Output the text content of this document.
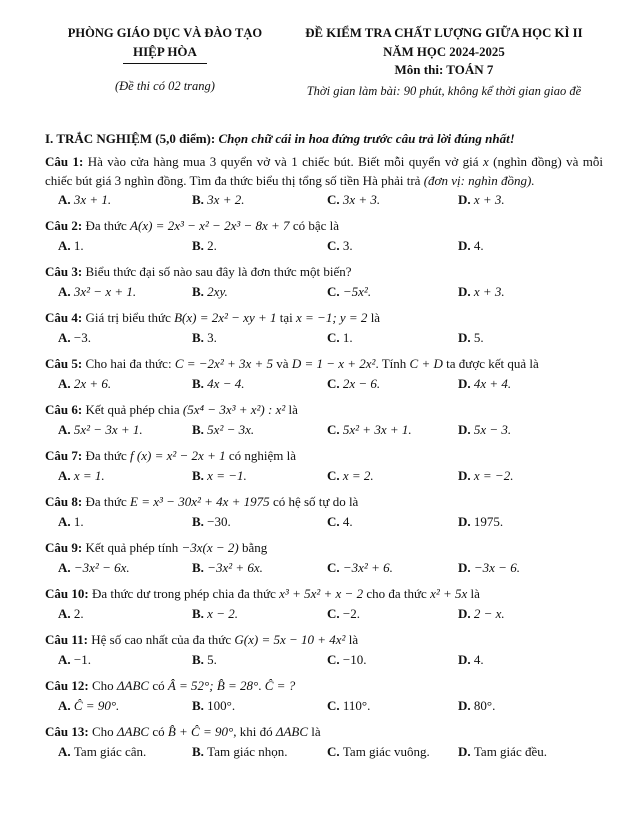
PHÒNG GIÁO DỤC VÀ ĐÀO TẠO
HIỆP HÒA
(Đề thi có 02 trang)
ĐỀ KIỂM TRA CHẤT LƯỢNG GIỮA HỌC KÌ II
NĂM HỌC 2024-2025
Môn thi: TOÁN 7
Thời gian làm bài: 90 phút, không kể thời gian giao đề
I. TRẮC NGHIỆM (5,0 điểm): Chọn chữ cái in hoa đứng trước câu trả lời đúng nhất!
Câu 1: Hà vào cửa hàng mua 3 quyển vở và 1 chiếc bút. Biết mỗi quyển vở giá x (nghìn đồng) và mỗi chiếc bút giá 3 nghìn đồng. Tìm đa thức biểu thị tổng số tiền Hà phải trả (đơn vị: nghìn đồng).
A. 3x + 1.	B. 3x + 2.	C. 3x + 3.	D. x + 3.
Câu 2: Đa thức A(x) = 2x³ − x² − 2x³ − 8x + 7 có bậc là
A. 1.	B. 2.	C. 3.	D. 4.
Câu 3: Biểu thức đại số nào sau đây là đơn thức một biến?
A. 3x² − x + 1.	B. 2xy.	C. −5x².	D. x + 3.
Câu 4: Giá trị biểu thức B(x) = 2x² − xy + 1 tại x = −1; y = 2 là
A. −3.	B. 3.	C. 1.	D. 5.
Câu 5: Cho hai đa thức: C = −2x² + 3x + 5 và D = 1 − x + 2x². Tính C + D ta được kết quả là
A. 2x + 6.	B. 4x − 4.	C. 2x − 6.	D. 4x + 4.
Câu 6: Kết quả phép chia (5x⁴ − 3x³ + x²) : x² là
A. 5x² − 3x + 1.	B. 5x² − 3x.	C. 5x² + 3x + 1.	D. 5x − 3.
Câu 7: Đa thức f (x) = x² − 2x + 1 có nghiệm là
A. x = 1.	B. x = −1.	C. x = 2.	D. x = −2.
Câu 8: Đa thức E = x³ − 30x² + 4x + 1975 có hệ số tự do là
A. 1.	B. −30.	C. 4.	D. 1975.
Câu 9: Kết quả phép tính −3x(x − 2) bằng
A. −3x² − 6x.	B. −3x² + 6x.	C. −3x² + 6.	D. −3x − 6.
Câu 10: Đa thức dư trong phép chia đa thức x³ + 5x² + x − 2 cho đa thức x² + 5x là
A. 2.	B. x − 2.	C. −2.	D. 2 − x.
Câu 11: Hệ số cao nhất của đa thức G(x) = 5x − 10 + 4x² là
A. −1.	B. 5.	C. −10.	D. 4.
Câu 12: Cho ΔABC có Â = 52°; B̂ = 28°. Ĉ = ?
A. Ĉ = 90°.	B. 100°.	C. 110°.	D. 80°.
Câu 13: Cho ΔABC có B̂ + Ĉ = 90°, khi đó ΔABC là
A. Tam giác cân.	B. Tam giác nhọn.	C. Tam giác vuông.	D. Tam giác đều.
